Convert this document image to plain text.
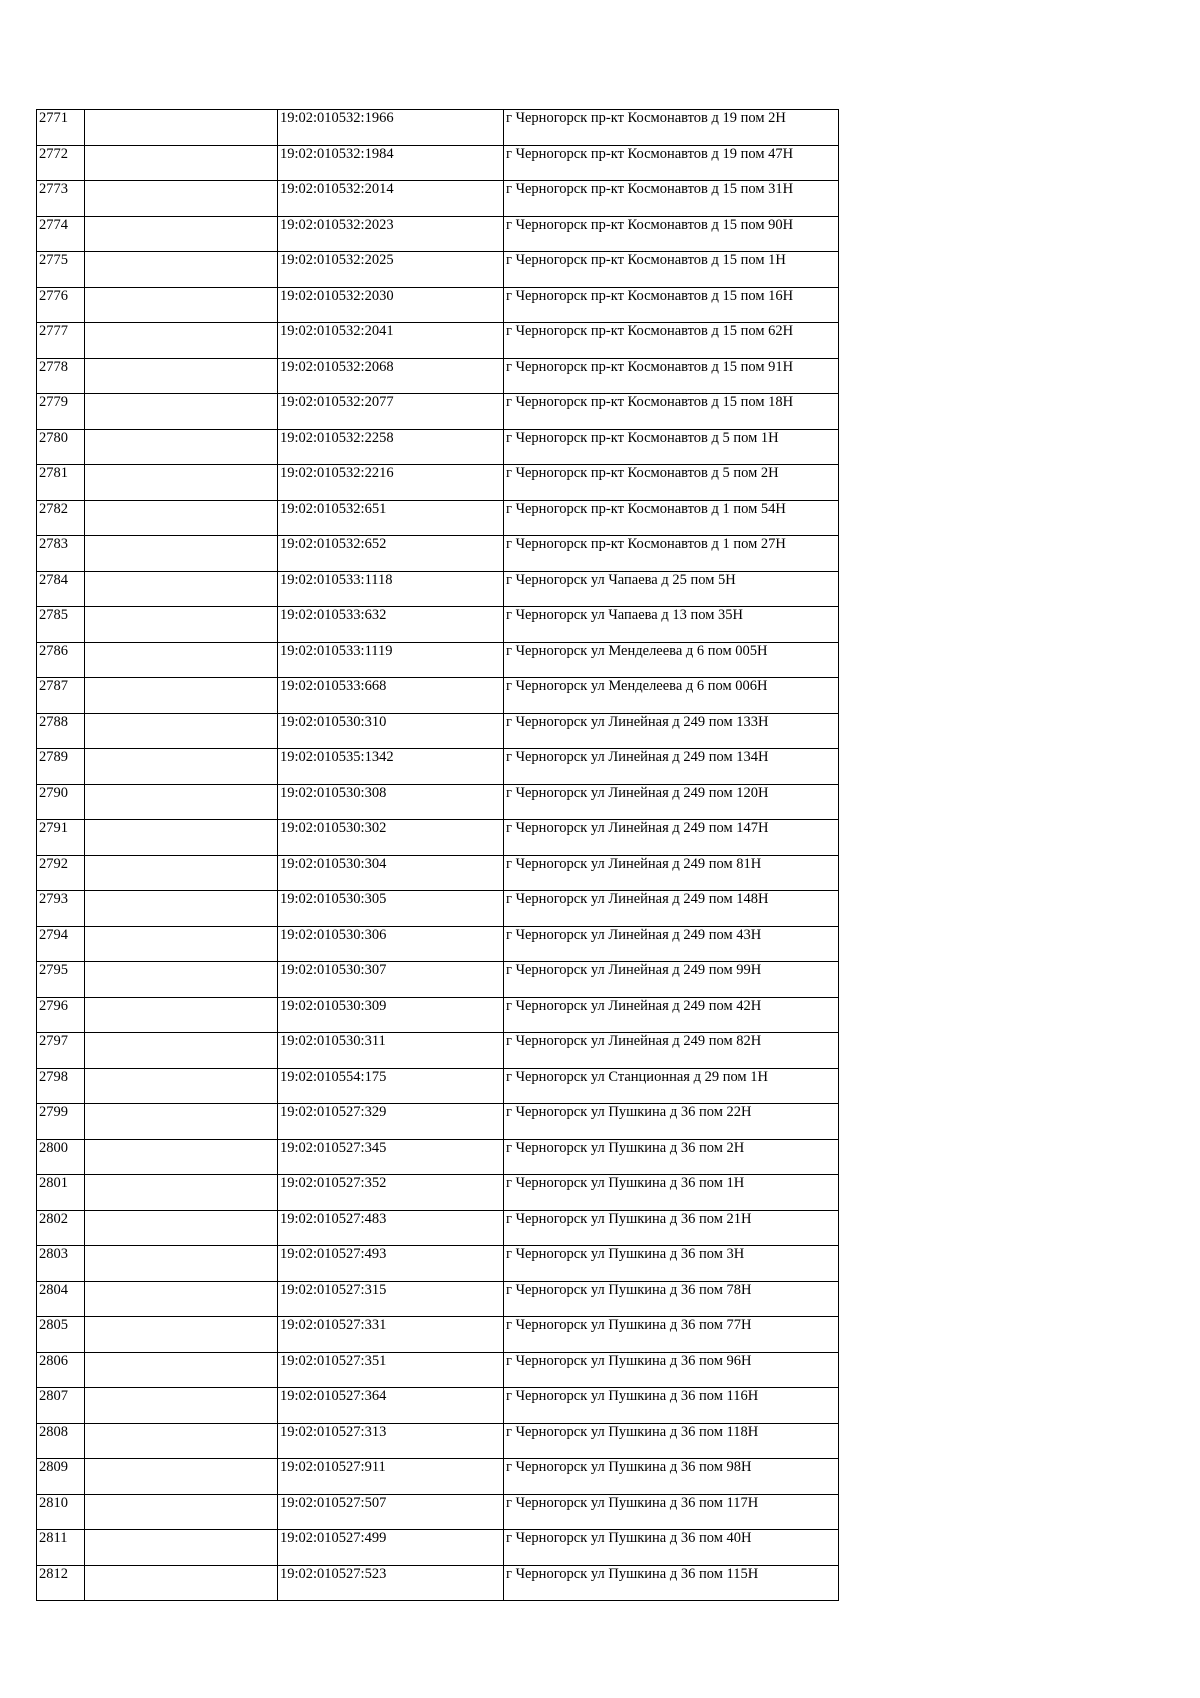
2771		19:02:010532:1966	г Черногорск пр-кт Космонавтов д 19 пом 2Н
2772		19:02:010532:1984	г Черногорск пр-кт Космонавтов д 19 пом 47Н
2773		19:02:010532:2014	г Черногорск пр-кт Космонавтов д 15 пом 31Н
2774		19:02:010532:2023	г Черногорск пр-кт Космонавтов д 15 пом 90Н
2775		19:02:010532:2025	г Черногорск пр-кт Космонавтов д 15 пом 1Н
2776		19:02:010532:2030	г Черногорск пр-кт Космонавтов д 15 пом 16Н
2777		19:02:010532:2041	г Черногорск пр-кт Космонавтов д 15 пом 62Н
2778		19:02:010532:2068	г Черногорск пр-кт Космонавтов д 15 пом 91Н
2779		19:02:010532:2077	г Черногорск пр-кт Космонавтов д 15 пом 18Н
2780		19:02:010532:2258	г Черногорск пр-кт Космонавтов д 5 пом 1Н
2781		19:02:010532:2216	г Черногорск пр-кт Космонавтов д 5 пом 2Н
2782		19:02:010532:651	г Черногорск пр-кт Космонавтов д 1 пом 54Н
2783		19:02:010532:652	г Черногорск пр-кт Космонавтов д 1 пом 27Н
2784		19:02:010533:1118	г Черногорск ул Чапаева д 25 пом 5Н
2785		19:02:010533:632	г Черногорск ул Чапаева д 13 пом 35Н
2786		19:02:010533:1119	г Черногорск ул Менделеева д 6 пом 005Н
2787		19:02:010533:668	г Черногорск ул Менделеева д 6 пом 006Н
2788		19:02:010530:310	г Черногорск ул Линейная д 249 пом 133Н
2789		19:02:010535:1342	г Черногорск ул Линейная д 249 пом 134Н
2790		19:02:010530:308	г Черногорск ул Линейная д 249 пом 120Н
2791		19:02:010530:302	г Черногорск ул Линейная д 249 пом 147Н
2792		19:02:010530:304	г Черногорск ул Линейная д 249 пом 81Н
2793		19:02:010530:305	г Черногорск ул Линейная д 249 пом 148Н
2794		19:02:010530:306	г Черногорск ул Линейная д 249 пом 43Н
2795		19:02:010530:307	г Черногорск ул Линейная д 249 пом 99Н
2796		19:02:010530:309	г Черногорск ул Линейная д 249 пом 42Н
2797		19:02:010530:311	г Черногорск ул Линейная д 249 пом 82Н
2798		19:02:010554:175	г Черногорск ул Станционная д 29 пом 1Н
2799		19:02:010527:329	г Черногорск ул Пушкина д 36 пом 22Н
2800		19:02:010527:345	г Черногорск ул Пушкина д 36 пом 2Н
2801		19:02:010527:352	г Черногорск ул Пушкина д 36 пом 1Н
2802		19:02:010527:483	г Черногорск ул Пушкина д 36 пом 21Н
2803		19:02:010527:493	г Черногорск ул Пушкина д 36 пом 3Н
2804		19:02:010527:315	г Черногорск ул Пушкина д 36 пом 78Н
2805		19:02:010527:331	г Черногорск ул Пушкина д 36 пом 77Н
2806		19:02:010527:351	г Черногорск ул Пушкина д 36 пом 96Н
2807		19:02:010527:364	г Черногорск ул Пушкина д 36 пом 116Н
2808		19:02:010527:313	г Черногорск ул Пушкина д 36 пом 118Н
2809		19:02:010527:911	г Черногорск ул Пушкина д 36 пом 98Н
2810		19:02:010527:507	г Черногорск ул Пушкина д 36 пом 117Н
2811		19:02:010527:499	г Черногорск ул Пушкина д 36 пом 40Н
2812		19:02:010527:523	г Черногорск ул Пушкина д 36 пом 115Н
